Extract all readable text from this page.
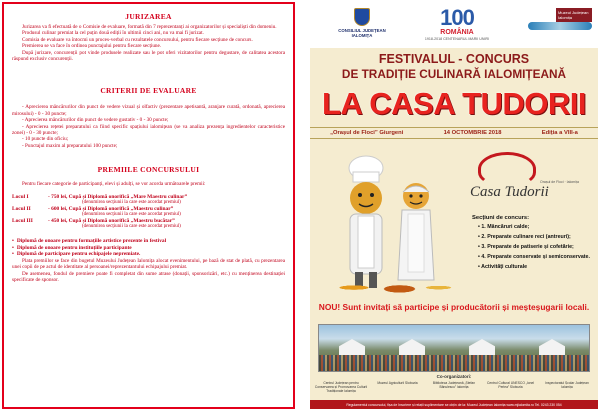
JURIZAREA

Jurizarea va fi efectuată de o Comisie de evaluare, formată din 7 reprezentanți ai organizatorilor și specialiști din domeniu.

Produsul culinar premiat la cel puțin două ediții în ultimii cinci ani, nu va mai fi jurizat.

Comisia de evaluare va întocmi un proces-verbal cu rezultatele concursului, pentru fiecare secțiune de concurs.

Premierea se va face în ordinea punctajului pentru fiecare secțiune.

După jurizare, concurenții pot vinde produsele realizate sau le pot oferi vizitatorilor pentru degustare, de calitatea acestora răspund exclusiv concurenții.

CRITERII DE EVALUARE

- Aprecierea mâncărurilor din punct de vedere vizual și olfactiv (prezentare apetisantă, aranjare curată, ordonată, aprecierea mirosului) - 0 - 30 puncte;

- Aprecierea mâncărurilor din punct de vedere gustativ - 0 - 30 puncte;

- Aprecierea rețetei preparatului ca fiind specific spațiului ialomițean (se va analiza prezența ingredientelor caracteristice zonei) - 0 - 30 puncte;

- 10 puncte din oficiu;

- Punctajul maxim al preparatului 100 puncte;

PREMIILE CONCURSULUI

Pentru fiecare categorie de participanți, elevi și adulți, se vor acorda următoarele premii:

Locul I	- 750 lei, Cupă și Diplomă onorifică „Mare Maestru culinar”
(denumirea secțiunii la care este acordat premiul)
Locul II	- 600 lei, Cupă și Diplomă onorifică „Maestru culinar”
(denumirea secțiunii la care este acordat premiul)
Locul III	- 450 lei, Cupă și Diplomă onorifică „Maestru bucătar”
(denumirea secțiunii la care este acordat premiul)
• Diplomă de onoare pentru formațiile artistice prezente în festival
• Diplomă de onoare pentru instituțiile participante
• Diplomă de participare pentru echipajele nepremiate.

Plata premiilor se face din bugetul Muzeului Județean Ialomița alocat evenimentului, pe bază de stat de plată, cu prezentarea unei copii de pe actul de identitate al persoanei/reprezentantului echipajului premiat.

De asemenea, fondul de premiere poate fi completat din sume atrase (donații, sponsorizări, etc.) cu menținerea destinației specificate de sponsor.

CONSILIUL JUDEȚEAN IALOMIȚA
100
ROMÂNIA
1918-2018 CENTENARUL MARII UNIRI
Muzeul Județean Ialomița
FESTIVALUL - CONCURS
DE TRADIȚIE CULINARĂ IALOMIȚEANĂ
LA CASA TUDORII
„Orașul de Floci” Giurgeni	14 OCTOMBRIE 2018	Ediția a VIII-a
Casa Tudorii
Orașul de Floci · Ialomița
Secțiuni de concurs:
• 1. Mâncăruri calde;
• 2. Preparate culinare reci (antreuri);
• 3. Preparate de patiserie și cofetărie;
• 4. Preparate conservate și semiconservate.
• Activități culturale
NOU! Sunt invitați să participe și producătorii și meșteșugarii locali.
Co-organizatori:
Centrul Județean pentru Conservarea și Promovarea Culturii Tradiționale Ialomița
Muzeul Agriculturii Slobozia	Biblioteca Județeană „Ștefan Bănulescu” Ialomița
Centrul Cultural UNESCO „Ionel Perlea” Slobozia
Inspectoratul Școlar Județean Ialomița
Regulamentul concursului, fișa de înscriere și relații suplimentare se obțin de la: Muzeul Județean Ialomița www.mjialomita.ro Tel. 0243 230 054
